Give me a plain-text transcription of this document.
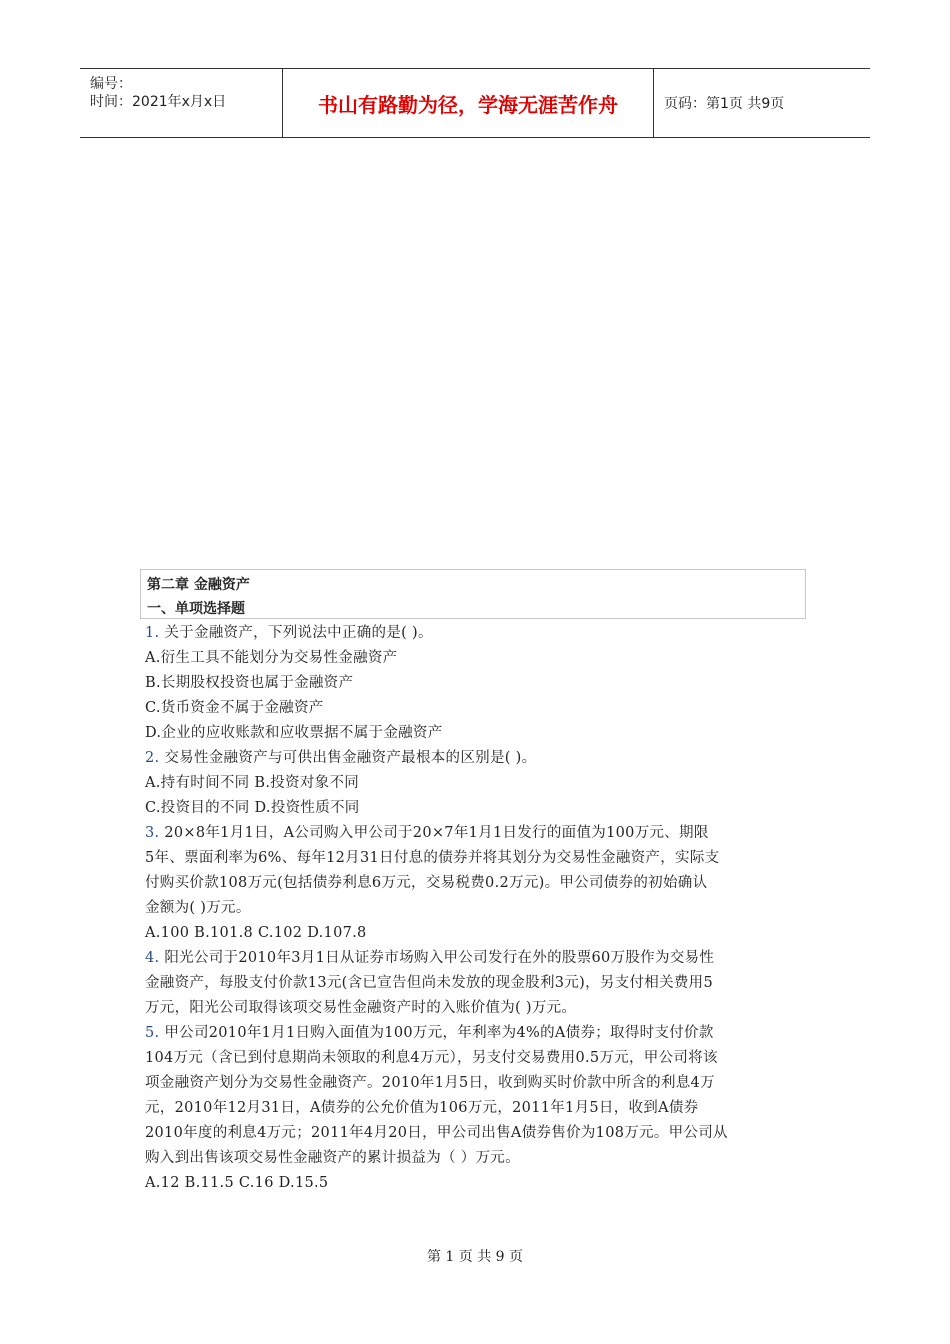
编号：
时间：2021年x月x日	书山有路勤为径，学海无涯苦作舟	页码：第1页 共9页
第二章 金融资产
一、单项选择题
1. 关于金融资产，下列说法中正确的是( )。
A.衍生工具不能划分为交易性金融资产
B.长期股权投资也属于金融资产
C.货币资金不属于金融资产
D.企业的应收账款和应收票据不属于金融资产
2. 交易性金融资产与可供出售金融资产最根本的区别是( )。
A.持有时间不同 B.投资对象不同
C.投资目的不同 D.投资性质不同
3. 20×8年1月1日，A公司购入甲公司于20×7年1月1日发行的面值为100万元、期限
5年、票面利率为6%、每年12月31日付息的债券并将其划分为交易性金融资产，实际支
付购买价款108万元(包括债券利息6万元，交易税费0.2万元)。甲公司债券的初始确认
金额为( )万元。
A.100 B.101.8 C.102 D.107.8
4. 阳光公司于2010年3月1日从证券市场购入甲公司发行在外的股票60万股作为交易性
金融资产，每股支付价款13元(含已宣告但尚未发放的现金股利3元)，另支付相关费用5
万元，阳光公司取得该项交易性金融资产时的入账价值为( )万元。
5. 甲公司2010年1月1日购入面值为100万元，年利率为4%的A债券；取得时支付价款
104万元（含已到付息期尚未领取的利息4万元），另支付交易费用0.5万元，甲公司将该
项金融资产划分为交易性金融资产。2010年1月5日，收到购买时价款中所含的利息4万
元，2010年12月31日，A债券的公允价值为106万元，2011年1月5日，收到A债券
2010年度的利息4万元；2011年4月20日，甲公司出售A债券售价为108万元。甲公司从
购入到出售该项交易性金融资产的累计损益为（ ）万元。
A.12 B.11.5 C.16 D.15.5
第 1 页 共 9 页
